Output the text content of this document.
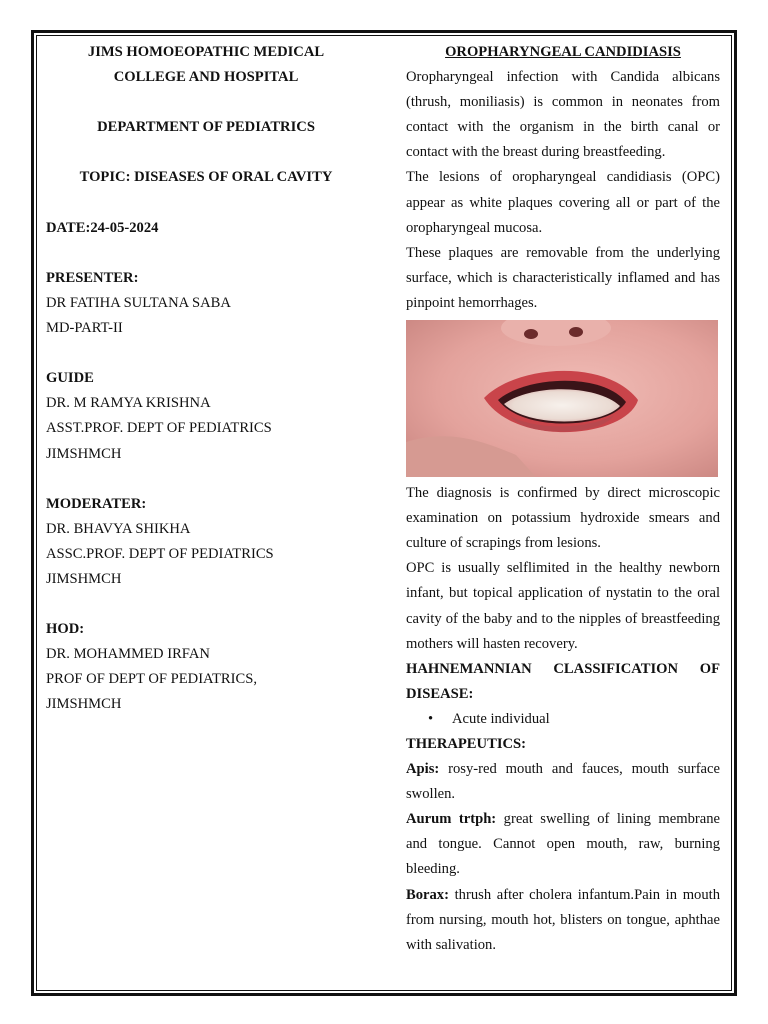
JIMS HOMOEOPATHIC MEDICAL
COLLEGE AND HOSPITAL
DEPARTMENT OF PEDIATRICS
TOPIC: DISEASES OF ORAL CAVITY
DATE:24-05-2024
PRESENTER:
DR FATIHA SULTANA SABA
MD-PART-II
GUIDE
DR. M RAMYA KRISHNA
ASST.PROF. DEPT OF PEDIATRICS
JIMSHMCH
MODERATER:
DR. BHAVYA SHIKHA
ASSC.PROF. DEPT OF PEDIATRICS
JIMSHMCH
HOD:
DR. MOHAMMED IRFAN
PROF OF DEPT OF PEDIATRICS,
JIMSHMCH
OROPHARYNGEAL CANDIDIASIS

Oropharyngeal infection with Candida albicans (thrush, moniliasis) is common in neonates from contact with the organism in the birth canal or contact with the breast during breastfeeding.

The lesions of oropharyngeal candidiasis (OPC) appear as white plaques covering all or part of the oropharyngeal mucosa.

These plaques are removable from the underlying surface, which is characteristically inflamed and has pinpoint hemorrhages.

The diagnosis is confirmed by direct microscopic examination on potassium hydroxide smears and culture of scrapings from lesions.

OPC is usually selflimited in the healthy newborn infant, but topical application of nystatin to the oral cavity of the baby and to the nipples of breastfeeding mothers will hasten recovery.

HAHNEMANNIAN CLASSIFICATION OF DISEASE:

• Acute individual

THERAPEUTICS:

Apis: rosy-red mouth and fauces, mouth surface swollen.

Aurum trtph: great swelling of lining membrane and tongue. Cannot open mouth, raw, burning bleeding.

Borax: thrush after cholera infantum.Pain in mouth from nursing, mouth hot, blisters on tongue, aphthae with salivation.
